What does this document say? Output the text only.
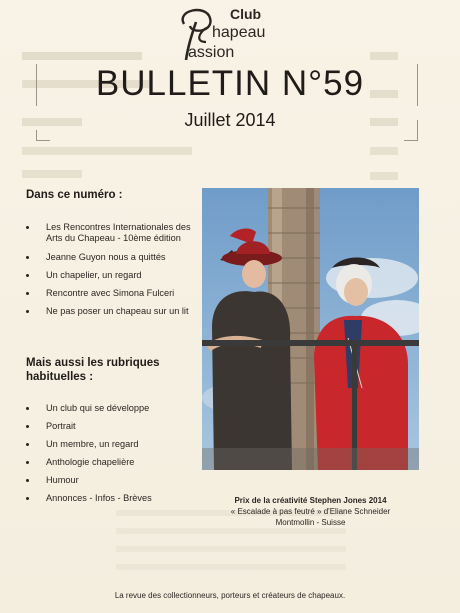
Club
hapeau
assion
BULLETIN N°59
Juillet 2014
Dans ce numéro :
Les Rencontres Internationales des Arts du Chapeau - 10ème édition
Jeanne Guyon nous a quittés
Un chapelier, un regard
Rencontre avec Simona Fulceri
Ne pas poser un chapeau sur un lit
Mais aussi les rubriques habituelles :
Un club qui se développe
Portrait
Un membre, un regard
Anthologie chapelière
Humour
Annonces - Infos - Brèves	Prix de la créativité Stephen Jones 2014
« Escalade à pas feutré » d'Eliane Schneider
Montmollin - Suisse
La revue des collectionneurs, porteurs et créateurs de chapeaux.
